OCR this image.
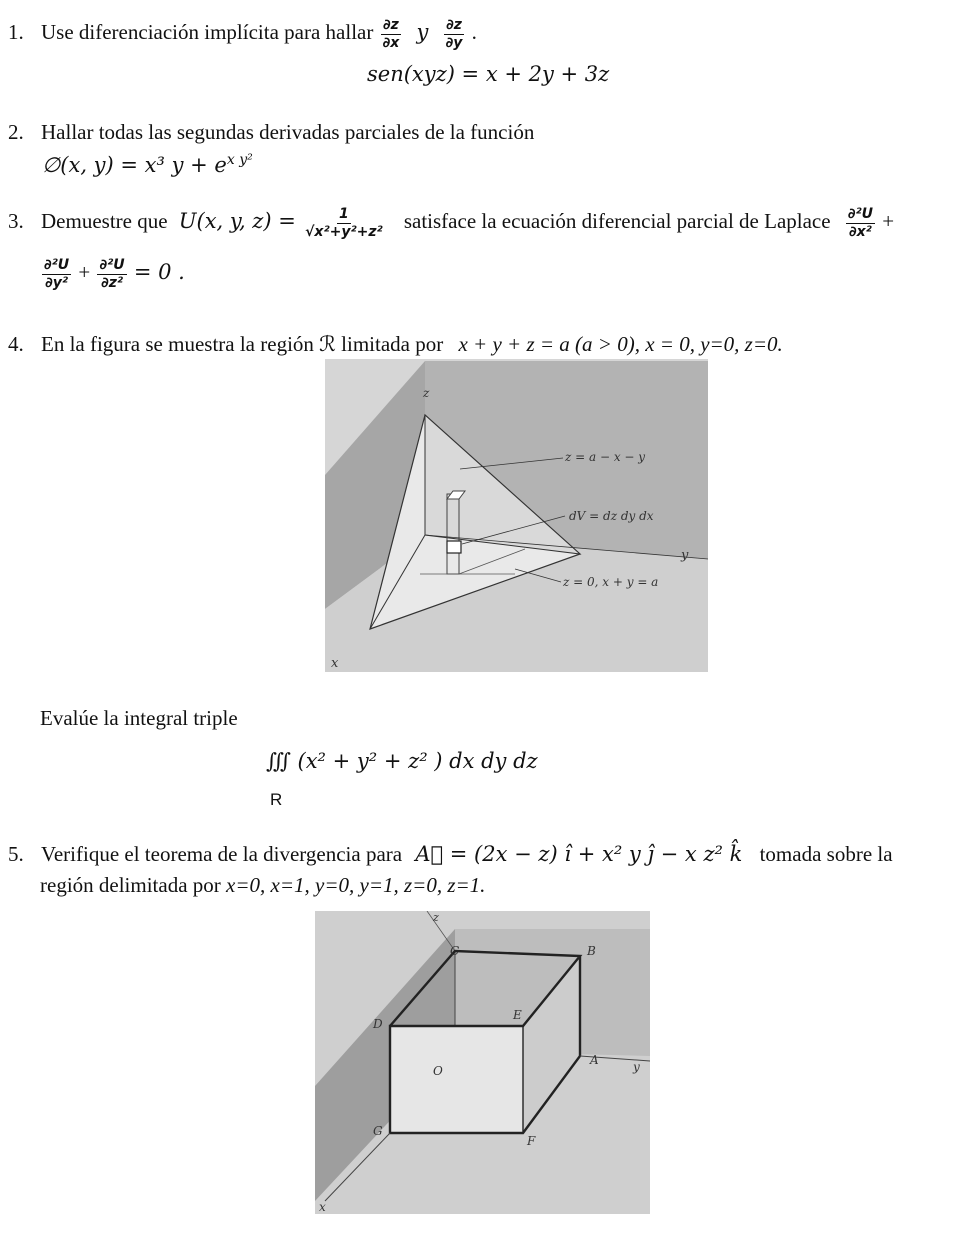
1. Use diferenciación implícita para hallar $\frac{\partial z}{\partial x}$ y $\frac{\partial z}{\partial y}$ .
sen(xyz) = x + 2y + 3z
2. Hallar todas las segundas derivadas parciales de la función
∅(x, y) = x³ $y + e^{x y^2}$
3. Demuestre que U(x, y, $z) = \frac{1}{\text{√x²+y²+z²}}$ satisface la ecuación diferencial parcial de Laplace $\frac{\text{∂²U}}{\text{∂x²}}$ +
$\frac{\text{∂²U}}{\text{∂y²}} + \frac{\text{∂²U}}{\text{∂z²}} = 0$ .
4. En la figura se muestra la región ℛ limitada por x + y + z = a (a > 0), x = 0, y=0, z=0.
z
y
x
z = a − x − y
dV = dz dy dx
z = 0, x + y = a
Evalúe la integral triple
∭ (x² + y² + z² ) dx dy dz
R
5. Verifique el teorema de la divergencia para A⃗ = (2x − z) î + x² y ĵ − x z² k̂ tomada sobre la
región delimitada por x=0, x=1, y=0, y=1, z=0, z=1.
z
y
x
C	B
D
E
O
A
G
F
